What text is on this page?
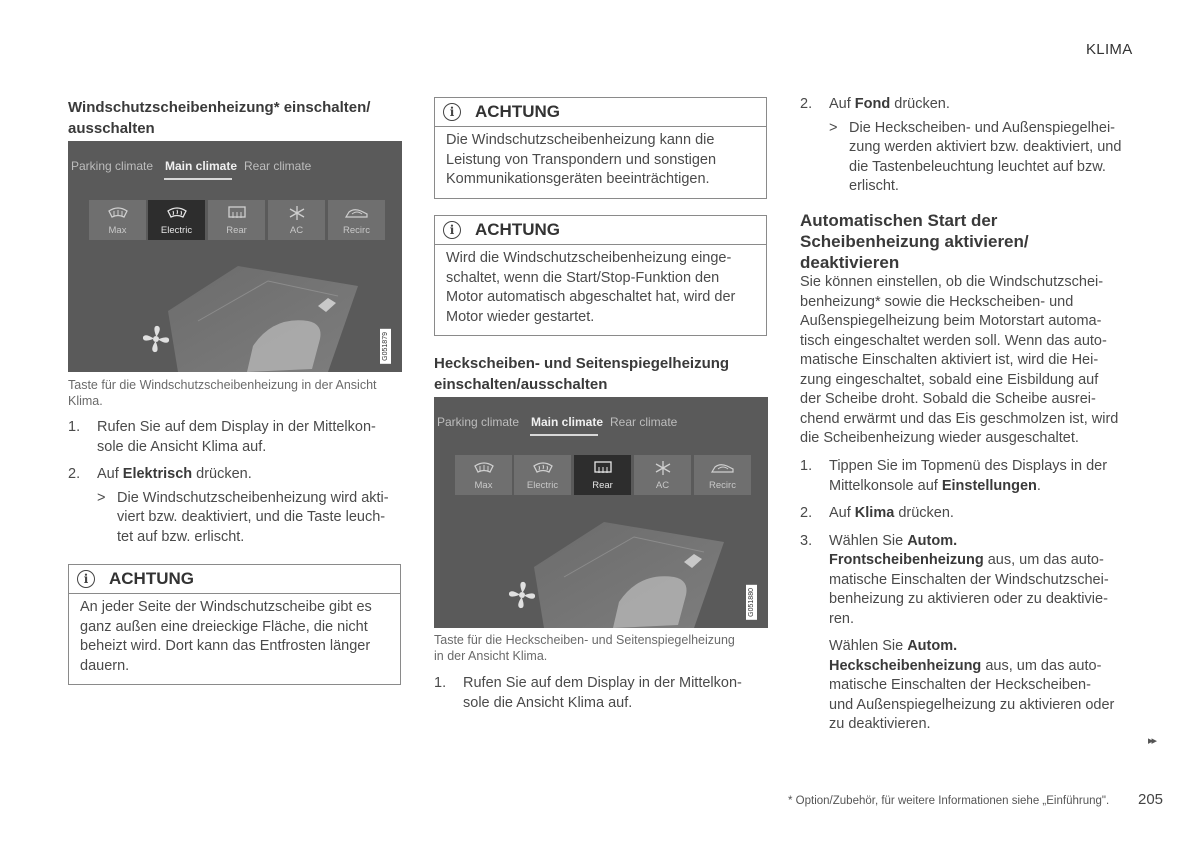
KLIMA
Windschutzscheibenheizung* einschalten/
ausschalten
Parking climate Main climate Rear climate
Max	Electric	Rear	AC	Recirc
G051879
Taste für die Windschutzscheibenheizung in der Ansicht
Klima.
1. Rufen Sie auf dem Display in der Mittelkon-
sole die Ansicht Klima auf.
2. Auf Elektrisch drücken.
> Die Windschutzscheibenheizung wird akti-
viert bzw. deaktiviert, und die Taste leuch-
tet auf bzw. erlischt.
i	ACHTUNG
An jeder Seite der Windschutzscheibe gibt es
ganz außen eine dreieckige Fläche, die nicht
beheizt wird. Dort kann das Entfrosten länger
dauern.
i	ACHTUNG
Die Windschutzscheibenheizung kann die
Leistung von Transpondern und sonstigen
Kommunikationsgeräten beeinträchtigen.
i	ACHTUNG
Wird die Windschutzscheibenheizung einge-
schaltet, wenn die Start/Stop-Funktion den
Motor automatisch abgeschaltet hat, wird der
Motor wieder gestartet.
Heckscheiben- und Seitenspiegelheizung
einschalten/ausschalten
Parking climate Main climate Rear climate
Max	Electric	Rear	AC	Recirc
G051880
Taste für die Heckscheiben- und Seitenspiegelheizung
in der Ansicht Klima.
1. Rufen Sie auf dem Display in der Mittelkon-
sole die Ansicht Klima auf.
2. Auf Fond drücken.
> Die Heckscheiben- und Außenspiegelhei-
zung werden aktiviert bzw. deaktiviert, und
die Tastenbeleuchtung leuchtet auf bzw.
erlischt.
Automatischen Start der
Scheibenheizung aktivieren/
deaktivieren
Sie können einstellen, ob die Windschutzschei-
benheizung* sowie die Heckscheiben- und
Außenspiegelheizung beim Motorstart automa-
tisch eingeschaltet werden soll. Wenn das auto-
matische Einschalten aktiviert ist, wird die Hei-
zung eingeschaltet, sobald eine Eisbildung auf
der Scheibe droht. Sobald die Scheibe ausrei-
chend erwärmt und das Eis geschmolzen ist, wird
die Scheibenheizung wieder ausgeschaltet.
1. Tippen Sie im Topmenü des Displays in der
Mittelkonsole auf Einstellungen.
2. Auf Klima drücken.
3. Wählen Sie Autom.
Frontscheibenheizung aus, um das auto-
matische Einschalten der Windschutzschei-
benheizung zu aktivieren oder zu deaktivie-
ren.
Wählen Sie Autom.
Heckscheibenheizung aus, um das auto-
matische Einschalten der Heckscheiben-
und Außenspiegelheizung zu aktivieren oder
zu deaktivieren.
▸▸
* Option/Zubehör, für weitere Informationen siehe „Einführung". 205
